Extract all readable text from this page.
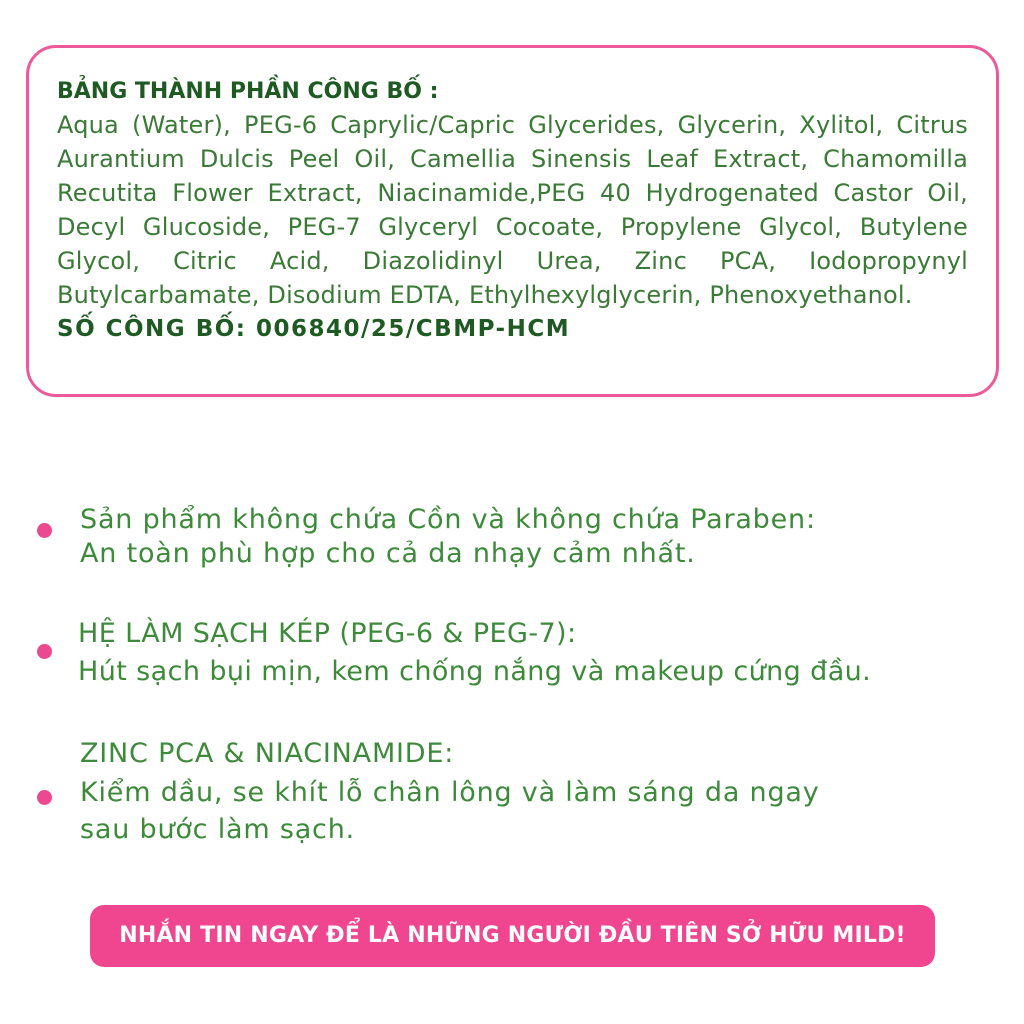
BẢNG THÀNH PHẦN CÔNG BỐ :

Aqua (Water), PEG-6 Caprylic/Capric Glycerides, Glycerin, Xylitol, Citrus Aurantium Dulcis Peel Oil, Camellia Sinensis Leaf Extract, Chamomilla Recutita Flower Extract, Niacinamide,PEG 40 Hydrogenated Castor Oil, Decyl Glucoside, PEG-7 Glyceryl Cocoate, Propylene Glycol, Butylene Glycol, Citric Acid, Diazolidinyl Urea, Zinc PCA, Iodopropynyl Butylcarbamate, Disodium EDTA, Ethylhexylglycerin, Phenoxyethanol.

SỐ CÔNG BỐ: 006840/25/CBMP-HCM

Sản phẩm không chứa Cồn và không chứa Paraben:
An toàn phù hợp cho cả da nhạy cảm nhất.
HỆ LÀM SẠCH KÉP (PEG-6 & PEG-7):
Hút sạch bụi mịn, kem chống nắng và makeup cứng đầu.
ZINC PCA & NIACINAMIDE:
Kiểm dầu, se khít lỗ chân lông và làm sáng da ngay
sau bước làm sạch.
NHẮN TIN NGAY ĐỂ LÀ NHỮNG NGƯỜI ĐẦU TIÊN SỞ HỮU MILD!
